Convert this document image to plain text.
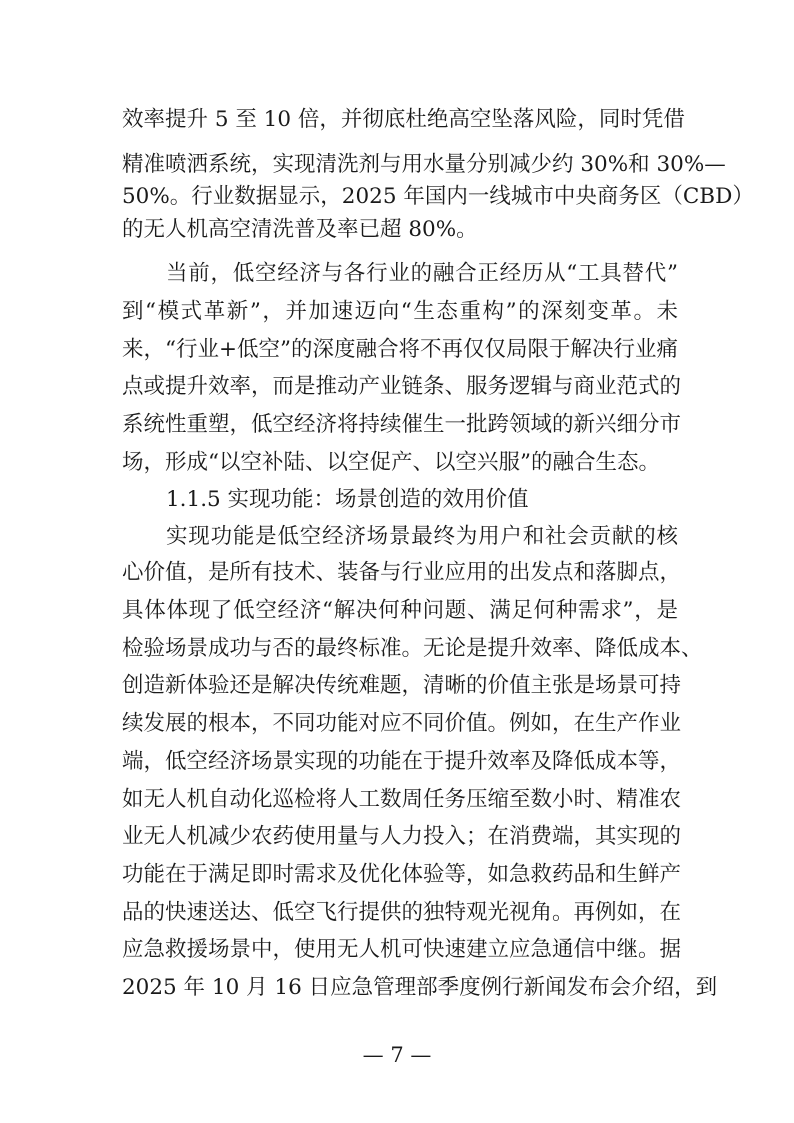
效率提升 5 至 10 倍，并彻底杜绝高空坠落风险，同时凭借
精准喷洒系统，实现清洗剂与用水量分别减少约 30%和 30%—
50%。行业数据显示，2025 年国内一线城市中央商务区（CBD）
的无人机高空清洗普及率已超 80%。
当前，低空经济与各行业的融合正经历从“工具替代”
到“模式革新”，并加速迈向“生态重构”的深刻变革。未
来，“行业+低空”的深度融合将不再仅仅局限于解决行业痛
点或提升效率，而是推动产业链条、服务逻辑与商业范式的
系统性重塑，低空经济将持续催生一批跨领域的新兴细分市
场，形成“以空补陆、以空促产、以空兴服”的融合生态。
1.1.5 实现功能：场景创造的效用价值
实现功能是低空经济场景最终为用户和社会贡献的核
心价值，是所有技术、装备与行业应用的出发点和落脚点，
具体体现了低空经济“解决何种问题、满足何种需求”，是
检验场景成功与否的最终标准。无论是提升效率、降低成本、
创造新体验还是解决传统难题，清晰的价值主张是场景可持
续发展的根本，不同功能对应不同价值。例如，在生产作业
端，低空经济场景实现的功能在于提升效率及降低成本等，
如无人机自动化巡检将人工数周任务压缩至数小时、精准农
业无人机减少农药使用量与人力投入；在消费端，其实现的
功能在于满足即时需求及优化体验等，如急救药品和生鲜产
品的快速送达、低空飞行提供的独特观光视角。再例如，在
应急救援场景中，使用无人机可快速建立应急通信中继。据
2025 年 10 月 16 日应急管理部季度例行新闻发布会介绍，到
— 7 —
